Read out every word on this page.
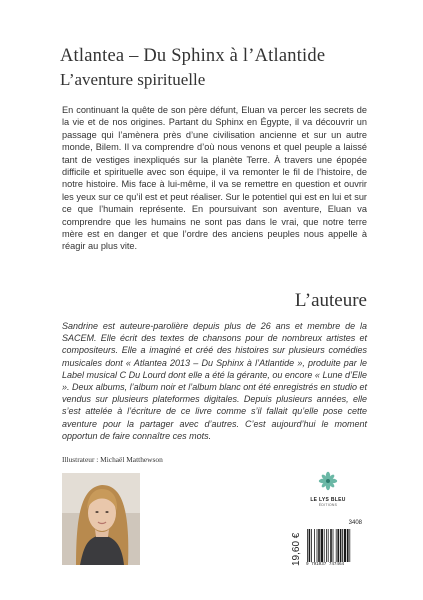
Atlantea – Du Sphinx à l’Atlantide
L’aventure spirituelle

En continuant la quête de son père défunt, Eluan va percer les secrets de la vie et de nos origines. Partant du Sphinx en Égypte, il va découvrir un passage qui l’amènera près d’une civilisation ancienne et sur un autre monde, Bilem. Il va comprendre d’où nous venons et quel peuple a laissé tant de vestiges inexpliqués sur la planète Terre. À travers une épopée difficile et spirituelle avec son équipe, il va remonter le fil de l’histoire, de notre histoire. Mis face à lui-même, il va se remettre en question et ouvrir les yeux sur ce qu’il est et peut réaliser. Sur le potentiel qui est en lui et sur ce que l’humain représente. En poursuivant son aventure, Eluan va comprendre que les humains ne sont pas dans le vrai, que notre terre mère est en danger et que l’ordre des anciens peuples nous appelle à réagir au plus vite.

L’auteure

Sandrine est auteure-parolière depuis plus de 26 ans et membre de la SACEM. Elle écrit des textes de chansons pour de nombreux artistes et compositeurs. Elle a imaginé et créé des histoires sur plusieurs comédies musicales dont « Atlantea 2013 – Du Sphinx à l’Atlantide », produite par le Label musical C Du Lourd dont elle a été la gérante, ou encore « Lune d’Elle ». Deux albums, l’album noir et l’album blanc ont été enregistrés en studio et vendus sur plusieurs plateformes digitales. Depuis plusieurs années, elle s’est attelée à l’écriture de ce livre comme s’il fallait qu’elle pose cette aventure pour la partager avec d’autres. C’est aujourd’hui le moment opportun de faire connaître ces mots.

Illustrateur : Michaël Matthewson

LE LYS BLEU
ÉDITIONS

19,60 €

3408

9 791037 747464
